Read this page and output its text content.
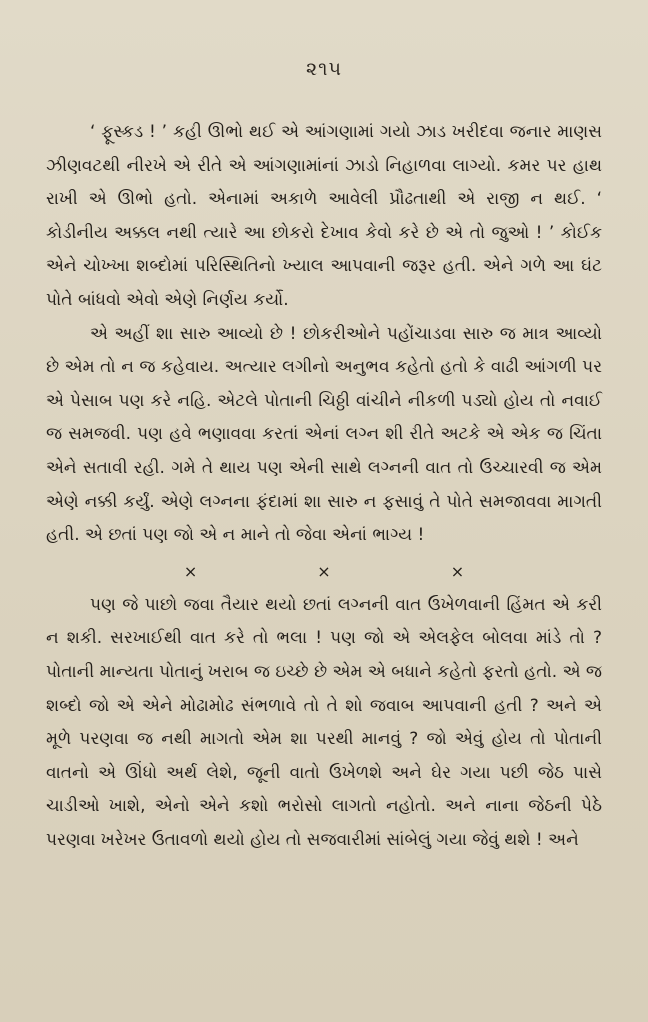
૨૧૫

‘ ફૂસ્કડ ! ’ કહી ઊભો થઈ એ આંગણામાં ગયો ઝાડ ખરીદવા જનાર માણસ ઝીણવટથી નીરખે એ રીતે એ આંગણામાંનાં ઝાડો નિહાળવા લાગ્યો. કમર પર હાથ રાખી એ ઊભો હતો. એનામાં અકાળે આવેલી પ્રૌઢતાથી એ રાજી ન થઈ. ‘ કોડીનીય અક્કલ નથી ત્યારે આ છોકરો દેખાવ કેવો કરે છે એ તો જુઓ ! ’ કોઈક એને ચોખ્ખા શબ્દોમાં પરિસ્થિતિનો ખ્યાલ આપવાની જરૂર હતી. એને ગળે આ ઘંટ પોતે બાંધવો એવો એણે નિર્ણય કર્યો.

એ અહીં શા સારુ આવ્યો છે ! છોકરીઓને પહોંચાડવા સારુ જ માત્ર આવ્યો છે એમ તો ન જ કહેવાય. અત્યાર લગીનો અનુભવ કહેતો હતો કે વાઢી આંગળી પર એ પેસાબ પણ કરે નહિ. એટલે પોતાની ચિઠ્ઠી વાંચીને નીકળી પડ્યો હોય તો નવાઈ જ સમજવી. પણ હવે ભણાવવા કરતાં એનાં લગ્ન શી રીતે અટકે એ એક જ ચિંતા એને સતાવી રહી. ગમે તે થાય પણ એની સાથે લગ્નની વાત તો ઉચ્ચારવી જ એમ એણે નક્કી કર્યું. એણે લગ્નના ફંદામાં શા સારુ ન ફસાવું તે પોતે સમજાવવા માગતી હતી. એ છતાં પણ જો એ ન માને તો જેવા એનાં ભાગ્ય !

×	×	×

પણ જે પાછો જવા તૈયાર થયો છતાં લગ્નની વાત ઉખેળવાની હિંમત એ કરી ન શકી. સરખાઈથી વાત કરે તો ભલા ! પણ જો એ એલફેલ બોલવા માંડે તો ? પોતાની માન્યતા પોતાનું ખરાબ જ ઇચ્છે છે એમ એ બધાને કહેતો ફરતો હતો. એ જ શબ્દો જો એ એને મોઢામોઢ સંભળાવે તો તે શો જવાબ આપવાની હતી ? અને એ મૂળે પરણવા જ નથી માગતો એમ શા પરથી માનવું ? જો એવું હોય તો પોતાની વાતનો એ ઊંધો અર્થ લેશે, જૂની વાતો ઉખેળશે અને ઘેર ગયા પછી જેઠ પાસે ચાડીઓ ખાશે, એનો એને કશો ભરોસો લાગતો નહોતો. અને નાના જેઠની પેઠે પરણવા ખરેખર ઉતાવળો થયો હોય તો સજવારીમાં સાંબેલું ગયા જેવું થશે ! અને
